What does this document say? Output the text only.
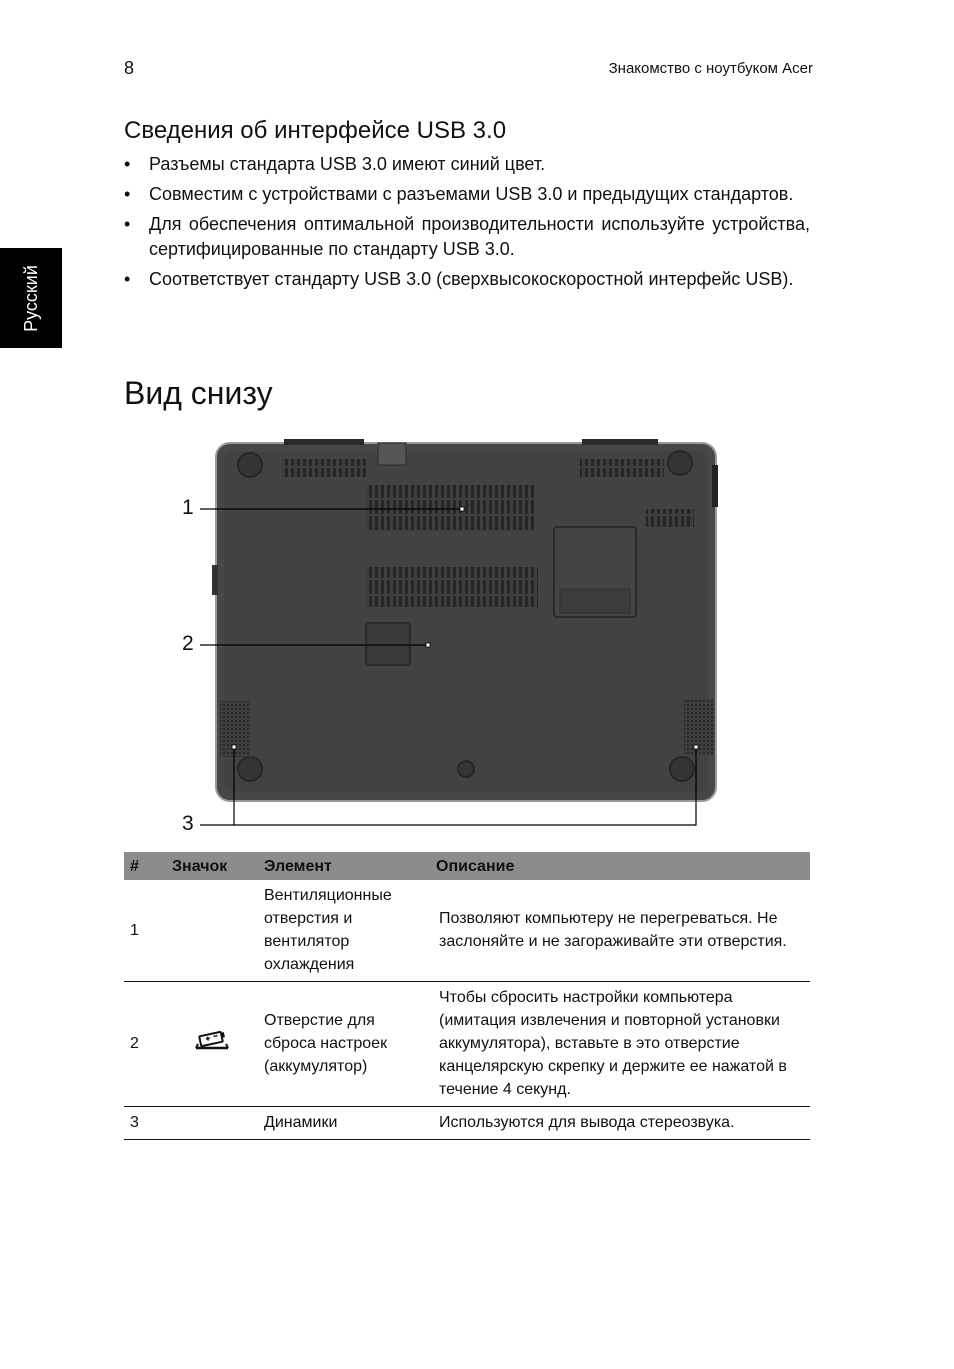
8	Знакомство с ноутбуком Acer
Русский
Сведения об интерфейсе USB 3.0
• Разъемы стандарта USB 3.0 имеют синий цвет.
• Совместим с устройствами с разъемами USB 3.0 и предыдущих стандартов.
• Для обеспечения оптимальной производительности используйте устройства, сертифицированные по стандарту USB 3.0.
• Соответствует стандарту USB 3.0 (сверхвысокоскоростной интерфейс USB).
Вид снизу
1
2
3
#	Значок	Элемент	Описание
1		Вентиляционные отверстия и вентилятор охлаждения	Позволяют компьютеру не перегреваться. Не заслоняйте и не загораживайте эти отверстия.
2		Отверстие для сброса настроек (аккумулятор)	Чтобы сбросить настройки компьютера (имитация извлечения и повторной установки аккумулятора), вставьте в это отверстие канцелярскую скрепку и держите ее нажатой в течение 4 секунд.
3		Динамики	Используются для вывода стереозвука.
